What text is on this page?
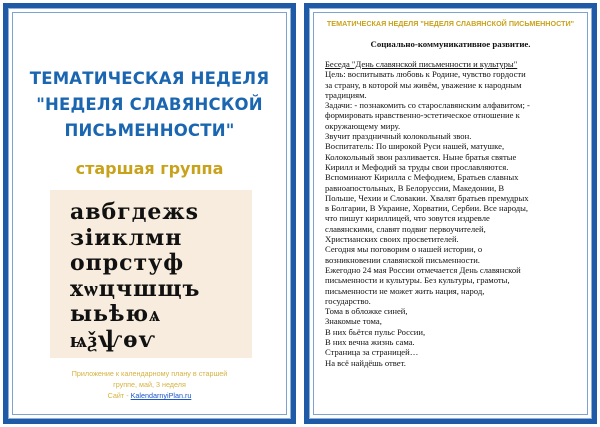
ТЕМАТИЧЕСКАЯ НЕДЕЛЯ
"НЕДЕЛЯ СЛАВЯНСКОЙ
ПИСЬМЕННОСТИ"
старшая группа
авбгдежѕ
зіиклмн
опрстуф
хѡцчшщъ
ыьѣюѧ
ѩѯѱѳѵ
Приложение к календарному плану в старшей
группе, май, 3 неделя
Сайт - KalendarnyiPlan.ru
ТЕМАТИЧЕСКАЯ НЕДЕЛЯ "НЕДЕЛЯ СЛАВЯНСКОЙ ПИСЬМЕННОСТИ"
Социально-коммуникативное развитие.
Беседа "День славянской письменности и культуры"
Цель: воспитывать любовь к Родине, чувство гордости
за страну, в которой мы живём, уважение к народным
традициям.
Задачи: - познакомить со старославянским алфавитом; -
формировать нравственно-эстетическое отношение к
окружающему миру.
Звучит праздничный колокольный звон.
Воспитатель: По широкой Руси нашей, матушке,
Колокольный звон разливается. Ныне братья святые
Кирилл и Мефодий за труды свои прославляются.
Вспоминают Кирилла с Мефодием, Братьев славных
равноапостольных, В Белоруссии, Македонии, В
Польше, Чехии и Словакии. Хвалят братьев премудрых
в Болгарии, В Украине, Хорватии, Сербии. Все народы,
что пишут кириллицей, что зовутся издревле
славянскими, славят подвиг первоучителей,
Христианских своих просветителей.
Сегодня мы поговорим о нашей истории, о
возникновении славянской письменности.
Ежегодно 24 мая России отмечается День славянской
письменности и культуры. Без культуры, грамоты,
письменности не может жить нация, народ,
государство.
Тома в обложке синей,
Знакомые тома,
В них бьётся пульс России,
В них вечна жизнь сама.
Страница за страницей…
На всё найдёшь ответ.
